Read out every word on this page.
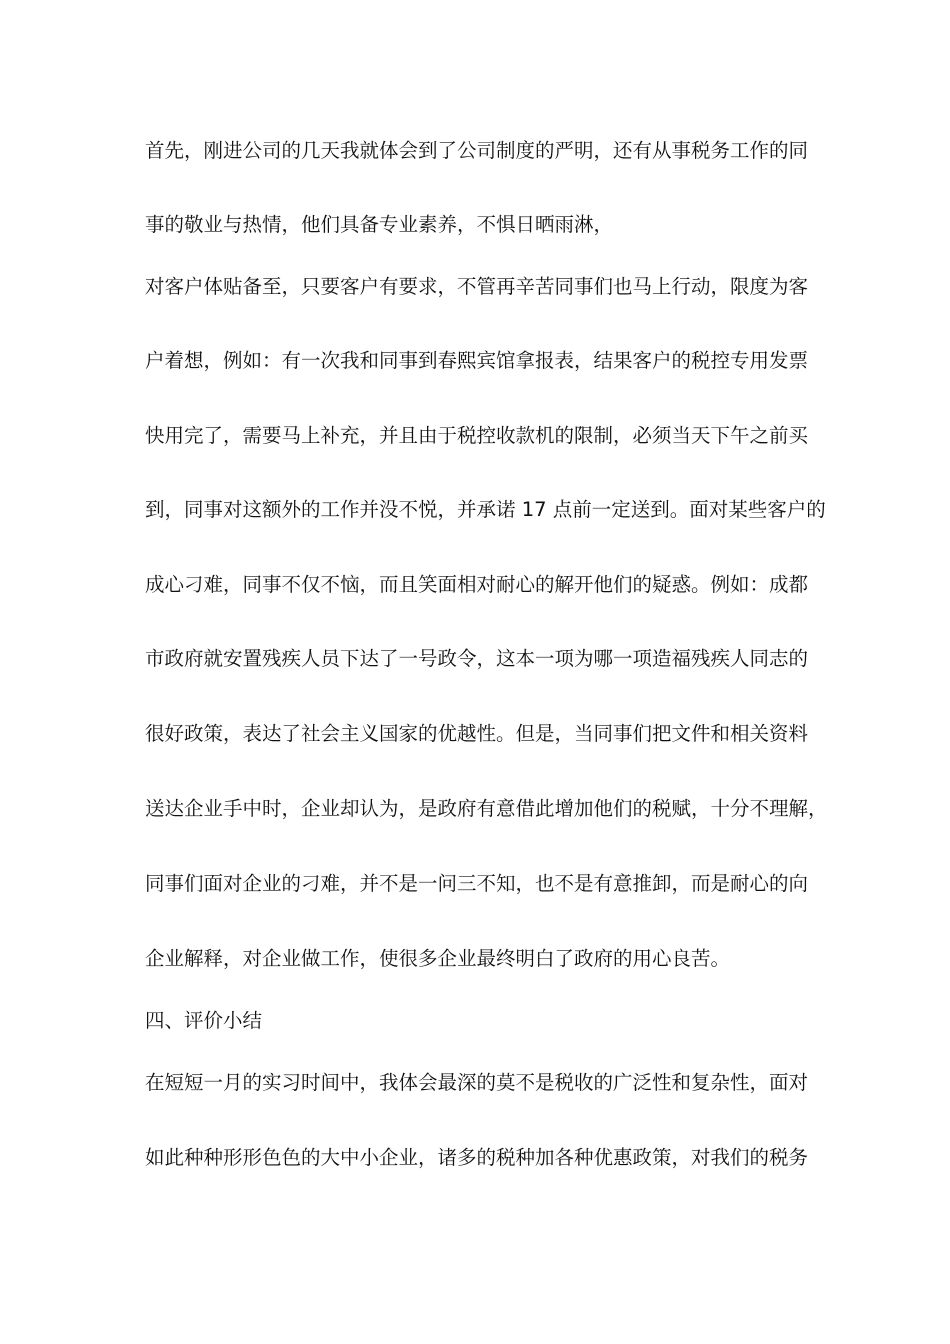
首先，刚进公司的几天我就体会到了公司制度的严明，还有从事税务工作的同
事的敬业与热情，他们具备专业素养，不惧日晒雨淋，
对客户体贴备至，只要客户有要求，不管再辛苦同事们也马上行动，限度为客
户着想，例如：有一次我和同事到春熙宾馆拿报表，结果客户的税控专用发票
快用完了，需要马上补充，并且由于税控收款机的限制，必须当天下午之前买
到，同事对这额外的工作并没不悦，并承诺 17 点前一定送到。面对某些客户的
成心刁难，同事不仅不恼，而且笑面相对耐心的解开他们的疑惑。例如：成都
市政府就安置残疾人员下达了一号政令，这本一项为哪一项造福残疾人同志的
很好政策，表达了社会主义国家的优越性。但是，当同事们把文件和相关资料
送达企业手中时，企业却认为，是政府有意借此增加他们的税赋，十分不理解，
同事们面对企业的刁难，并不是一问三不知，也不是有意推卸，而是耐心的向
企业解释，对企业做工作，使很多企业最终明白了政府的用心良苦。
四、评价小结
在短短一月的实习时间中，我体会最深的莫不是税收的广泛性和复杂性，面对
如此种种形形色色的大中小企业，诸多的税种加各种优惠政策，对我们的税务
